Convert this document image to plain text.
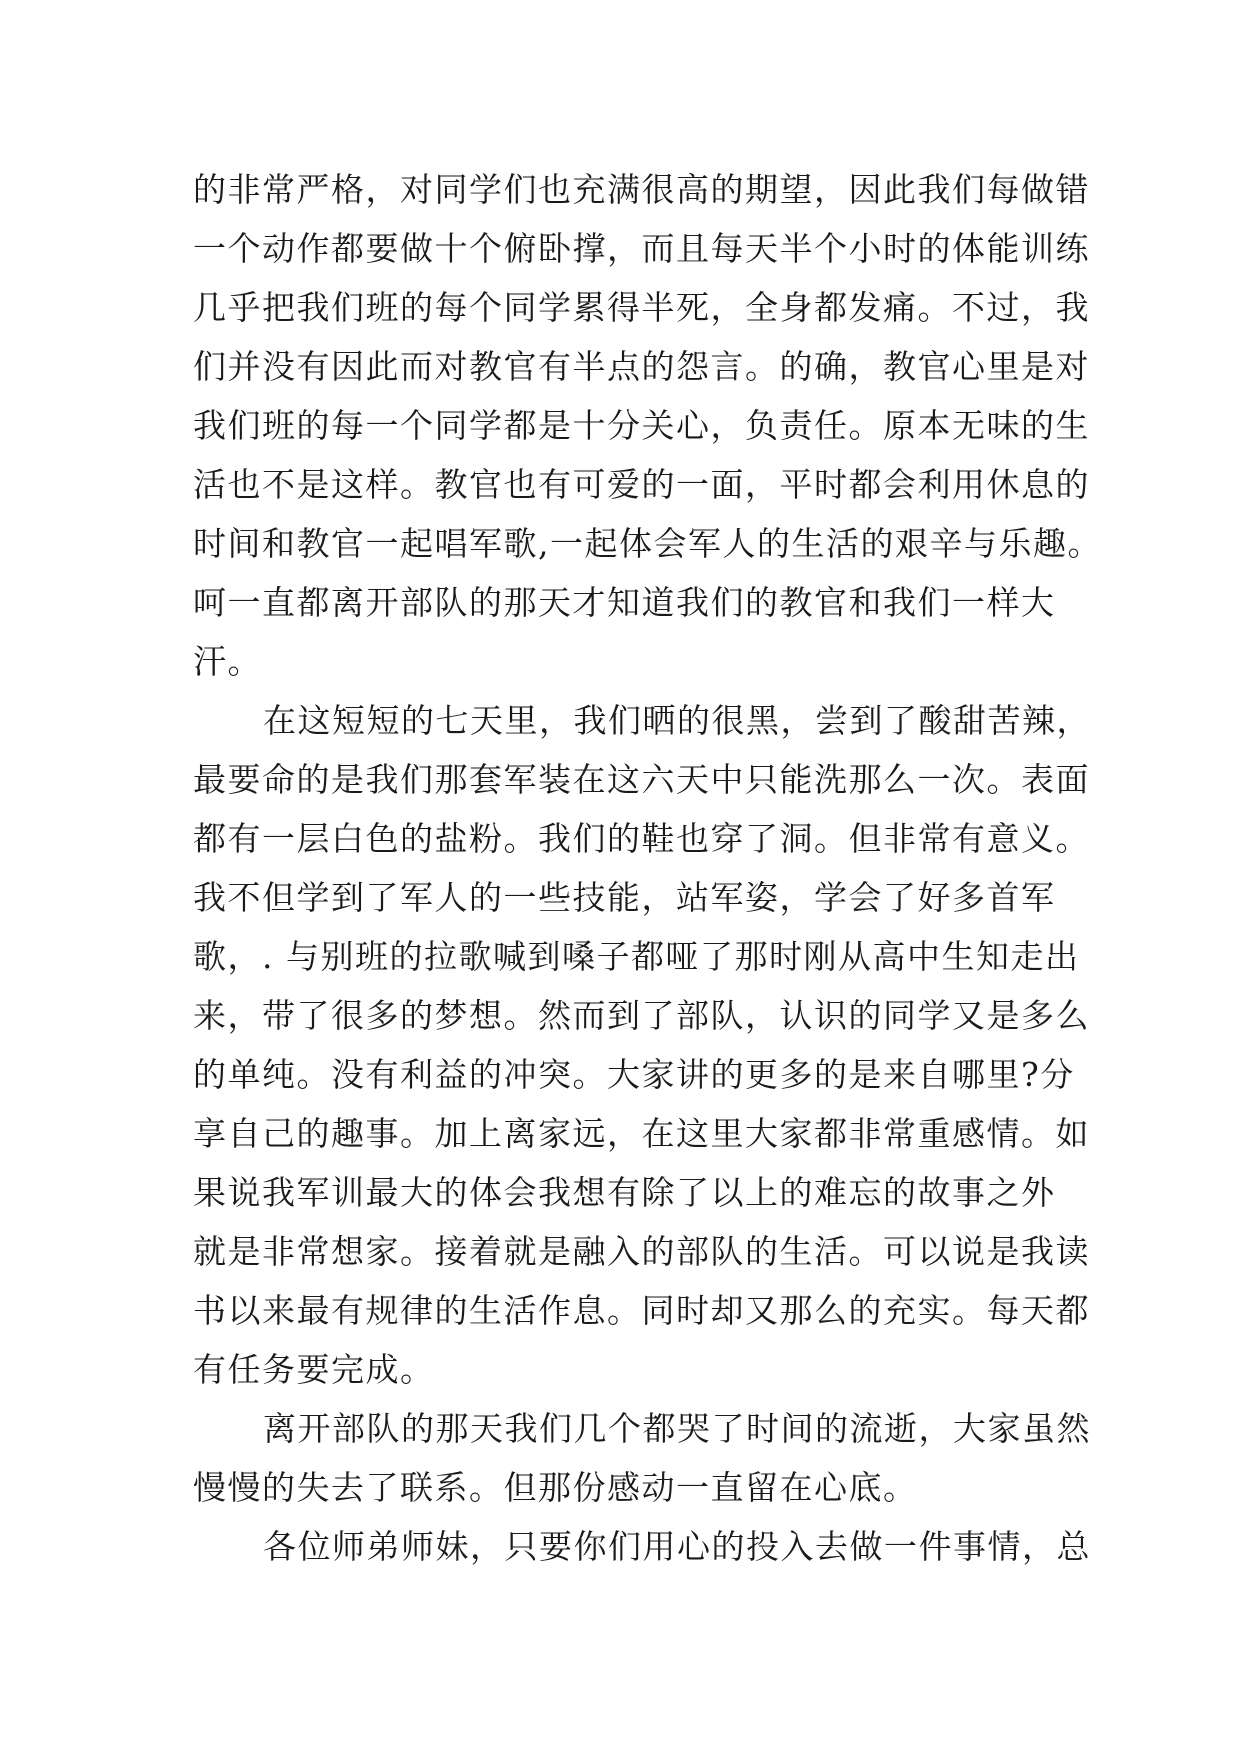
的非常严格，对同学们也充满很高的期望，因此我们每做错
一个动作都要做十个俯卧撑，而且每天半个小时的体能训练
几乎把我们班的每个同学累得半死，全身都发痛。不过，我
们并没有因此而对教官有半点的怨言。的确，教官心里是对
我们班的每一个同学都是十分关心，负责任。原本无味的生
活也不是这样。教官也有可爱的一面，平时都会利用休息的
时间和教官一起唱军歌,一起体会军人的生活的艰辛与乐趣。
呵一直都离开部队的那天才知道我们的教官和我们一样大
汗。
在这短短的七天里，我们晒的很黑，尝到了酸甜苦辣，
最要命的是我们那套军装在这六天中只能洗那么一次。表面
都有一层白色的盐粉。我们的鞋也穿了洞。但非常有意义。
我不但学到了军人的一些技能，站军姿，学会了好多首军
歌，. 与别班的拉歌喊到嗓子都哑了那时刚从高中生知走出
来，带了很多的梦想。然而到了部队，认识的同学又是多么
的单纯。没有利益的冲突。大家讲的更多的是来自哪里?分
享自己的趣事。加上离家远，在这里大家都非常重感情。如
果说我军训最大的体会我想有除了以上的难忘的故事之外
就是非常想家。接着就是融入的部队的生活。可以说是我读
书以来最有规律的生活作息。同时却又那么的充实。每天都
有任务要完成。
离开部队的那天我们几个都哭了时间的流逝，大家虽然
慢慢的失去了联系。但那份感动一直留在心底。
各位师弟师妹，只要你们用心的投入去做一件事情，总
